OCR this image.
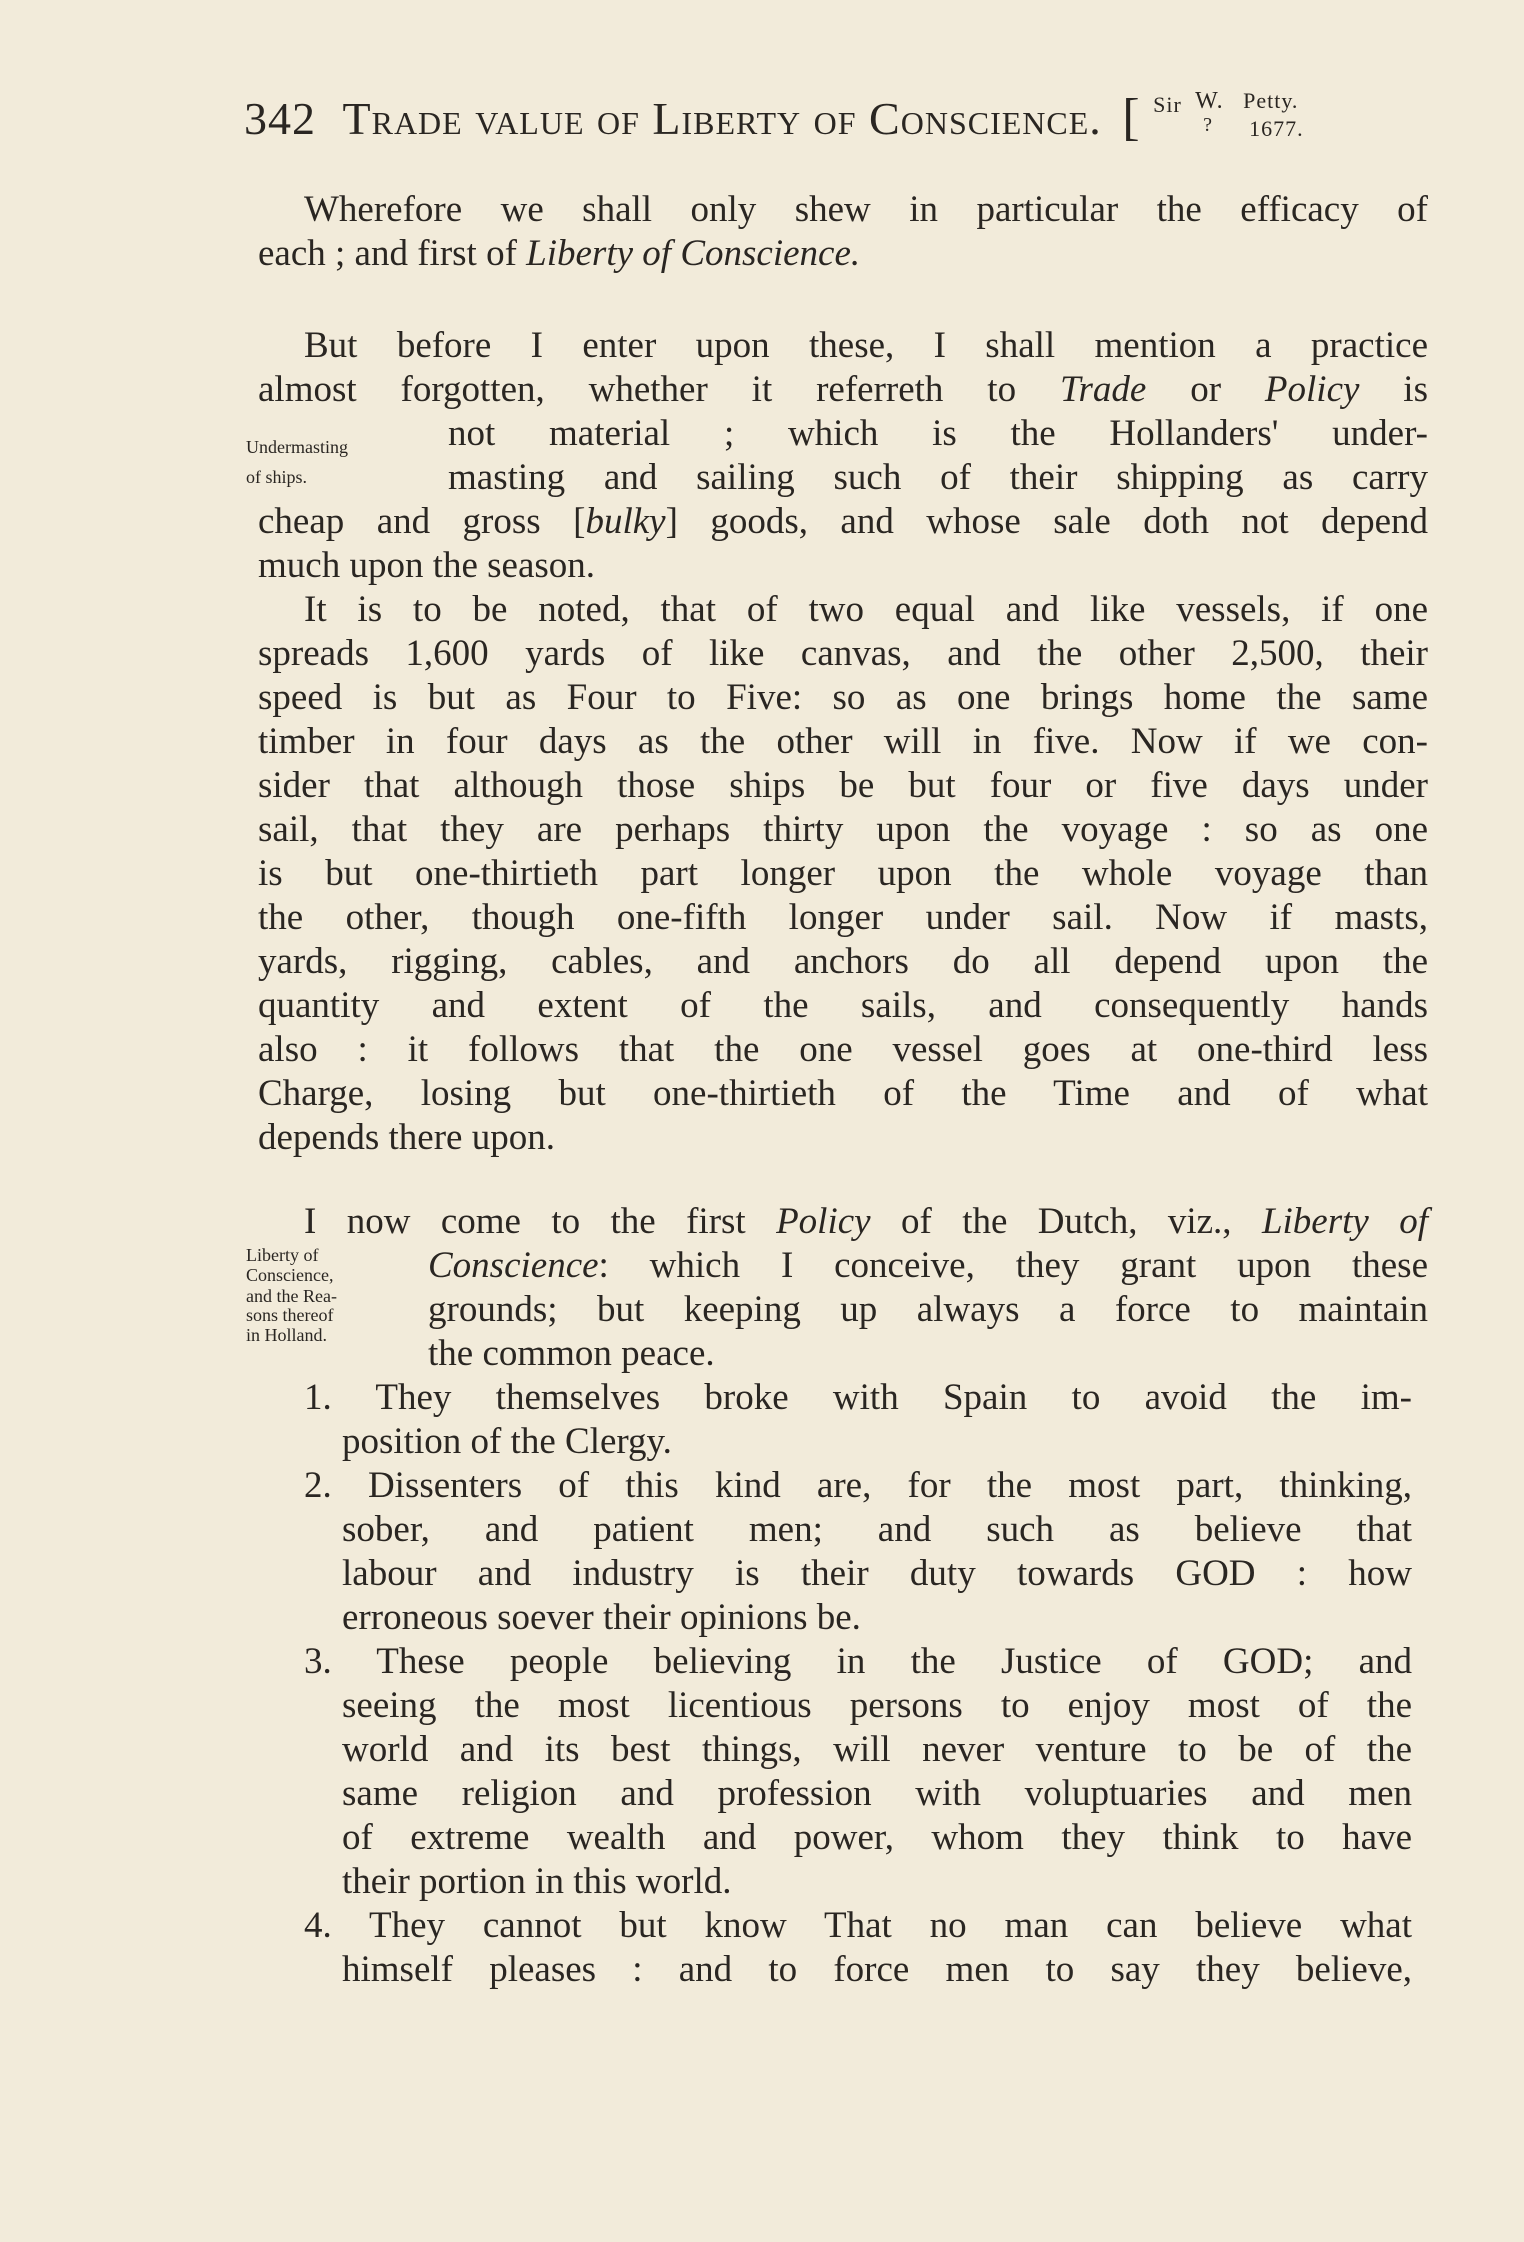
342 Trade value of Liberty of Conscience. [ Sir W.
?
Petty.
1677.
Wherefore we shall only shew in particular the efficacy of
each ; and first of Liberty of Conscience.
But before I enter upon these, I shall mention a practice
almost forgotten, whether it referreth to Trade or Policy is
not material ; which is the Hollanders' under-
masting and sailing such of their shipping as carry
cheap and gross [bulky] goods, and whose sale doth not depend
much upon the season.
Undermasting
of ships.
It is to be noted, that of two equal and like vessels, if one
spreads 1,600 yards of like canvas, and the other 2,500, their
speed is but as Four to Five: so as one brings home the same
timber in four days as the other will in five. Now if we con-
sider that although those ships be but four or five days under
sail, that they are perhaps thirty upon the voyage : so as one
is but one-thirtieth part longer upon the whole voyage than
the other, though one-fifth longer under sail. Now if masts,
yards, rigging, cables, and anchors do all depend upon the
quantity and extent of the sails, and consequently hands
also : it follows that the one vessel goes at one-third less
Charge, losing but one-thirtieth of the Time and of what
depends there upon.
I now come to the first Policy of the Dutch, viz., Liberty of
Conscience: which I conceive, they grant upon these
grounds; but keeping up always a force to maintain
the common peace.
Liberty of
Conscience,
and the Rea-
sons thereof
in Holland.
1. They themselves broke with Spain to avoid the im-
position of the Clergy.
2. Dissenters of this kind are, for the most part, thinking,
sober, and patient men; and such as believe that
labour and industry is their duty towards GOD : how
erroneous soever their opinions be.
3. These people believing in the Justice of GOD; and
seeing the most licentious persons to enjoy most of the
world and its best things, will never venture to be of the
same religion and profession with voluptuaries and men
of extreme wealth and power, whom they think to have
their portion in this world.
4. They cannot but know That no man can believe what
himself pleases : and to force men to say they believe,
